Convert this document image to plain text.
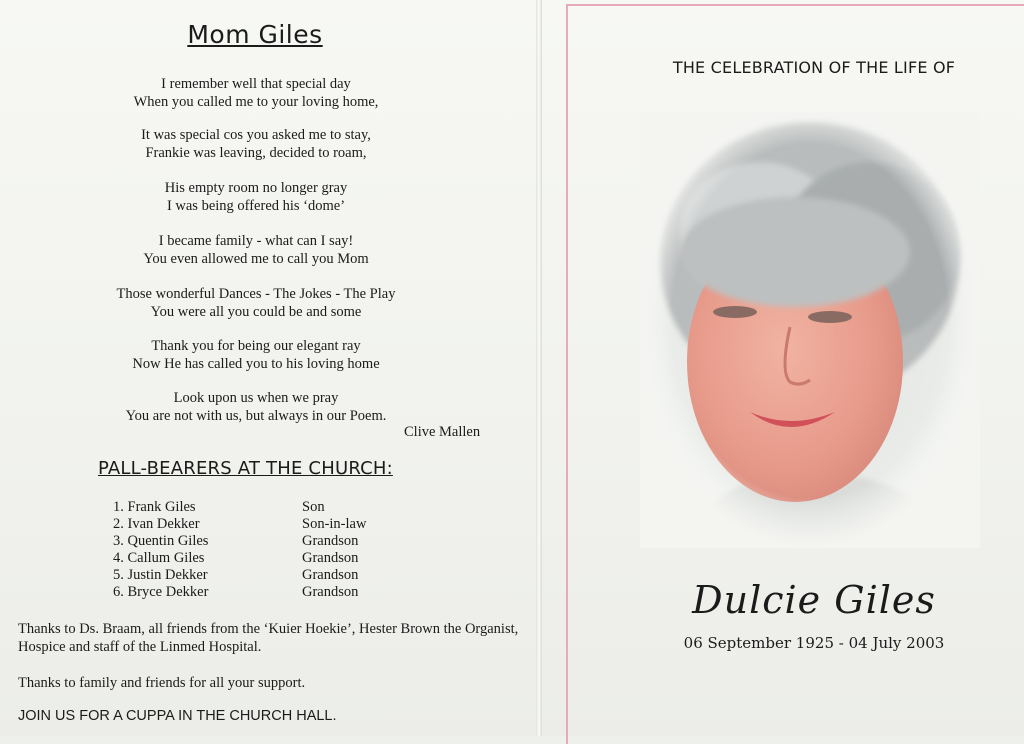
Mom Giles
I remember well that special day
When you called me to your loving home,
It was special cos you asked me to stay,
Frankie was leaving, decided to roam,
His empty room no longer gray
I was being offered his ‘dome’
I became family - what can I say!
You even allowed me to call you Mom
Those wonderful Dances - The Jokes - The Play
You were all you could be and some
Thank you for being our elegant ray
Now He has called you to his loving home
Look upon us when we pray
You are not with us, but always in our Poem.
Clive Mallen
PALL-BEARERS AT THE CHURCH:
1. Frank Giles	Son
2. Ivan Dekker	Son-in-law
3. Quentin Giles	Grandson
4. Callum Giles	Grandson
5. Justin Dekker	Grandson
6. Bryce Dekker	Grandson
Thanks to Ds. Braam, all friends from the ‘Kuier Hoekie’, Hester Brown the Organist, Hospice and staff of the Linmed Hospital.
Thanks to family and friends for all your support.
JOIN US FOR A CUPPA IN THE CHURCH HALL.
THE CELEBRATION OF THE LIFE OF
Dulcie Giles
06 September 1925 - 04 July 2003
